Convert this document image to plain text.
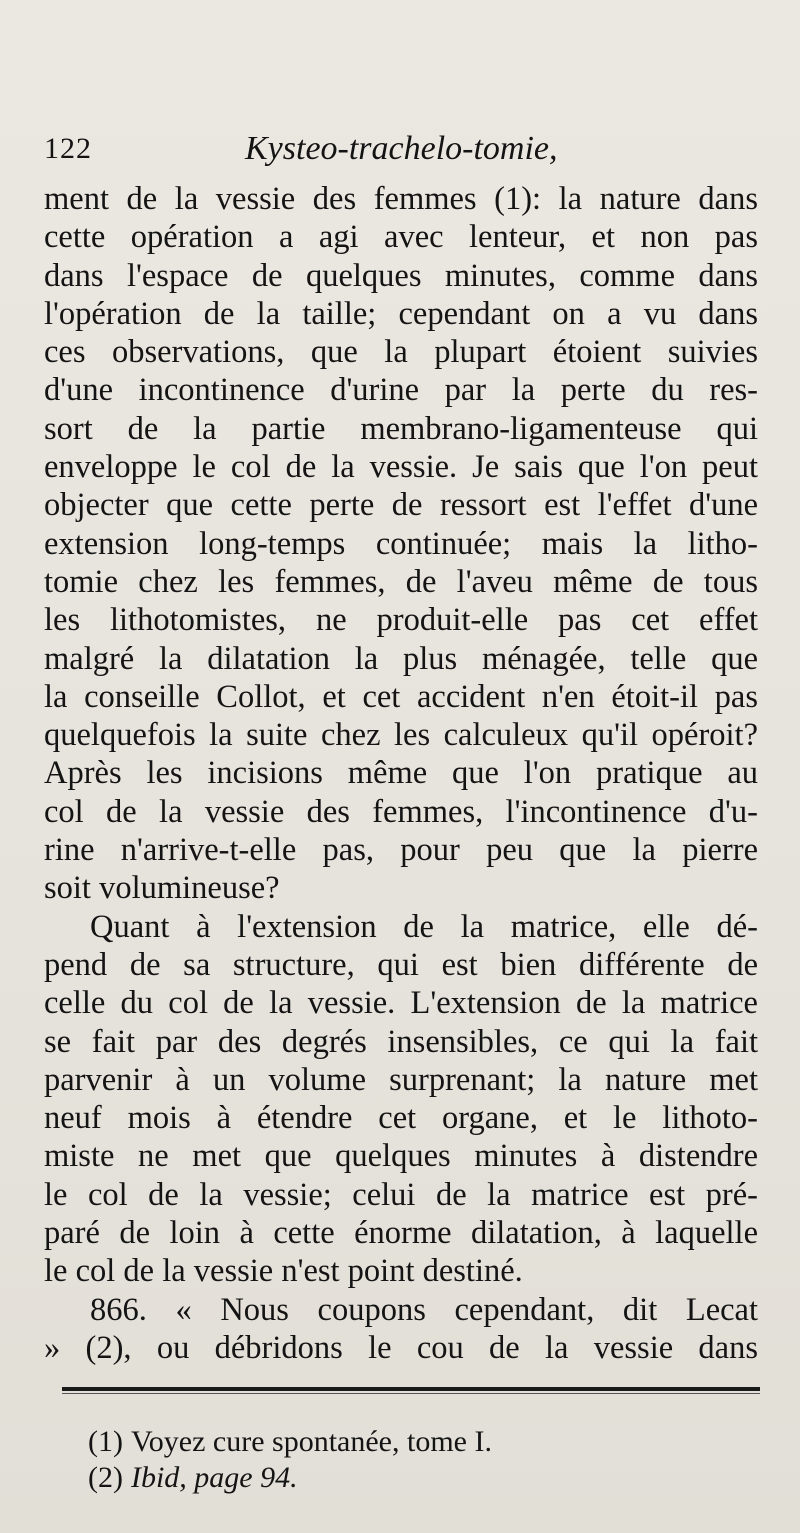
122	Kysteo-trachelo-tomie,
ment de la vessie des femmes (1): la nature dans
cette opération a agi avec lenteur, et non pas
dans l'espace de quelques minutes, comme dans
l'opération de la taille; cependant on a vu dans
ces observations, que la plupart étoient suivies
d'une incontinence d'urine par la perte du res-
sort de la partie membrano-ligamenteuse qui
enveloppe le col de la vessie. Je sais que l'on peut
objecter que cette perte de ressort est l'effet d'une
extension long-temps continuée; mais la litho-
tomie chez les femmes, de l'aveu même de tous
les lithotomistes, ne produit-elle pas cet effet
malgré la dilatation la plus ménagée, telle que
la conseille Collot, et cet accident n'en étoit-il pas
quelquefois la suite chez les calculeux qu'il opéroit?
Après les incisions même que l'on pratique au
col de la vessie des femmes, l'incontinence d'u-
rine n'arrive-t-elle pas, pour peu que la pierre
soit volumineuse?
Quant à l'extension de la matrice, elle dé-
pend de sa structure, qui est bien différente de
celle du col de la vessie. L'extension de la matrice
se fait par des degrés insensibles, ce qui la fait
parvenir à un volume surprenant; la nature met
neuf mois à étendre cet organe, et le lithoto-
miste ne met que quelques minutes à distendre
le col de la vessie; celui de la matrice est pré-
paré de loin à cette énorme dilatation, à laquelle
le col de la vessie n'est point destiné.
866. « Nous coupons cependant, dit Lecat
» (2), ou débridons le cou de la vessie dans
(1) Voyez cure spontanée, tome I.
(2) Ibid, page 94.
